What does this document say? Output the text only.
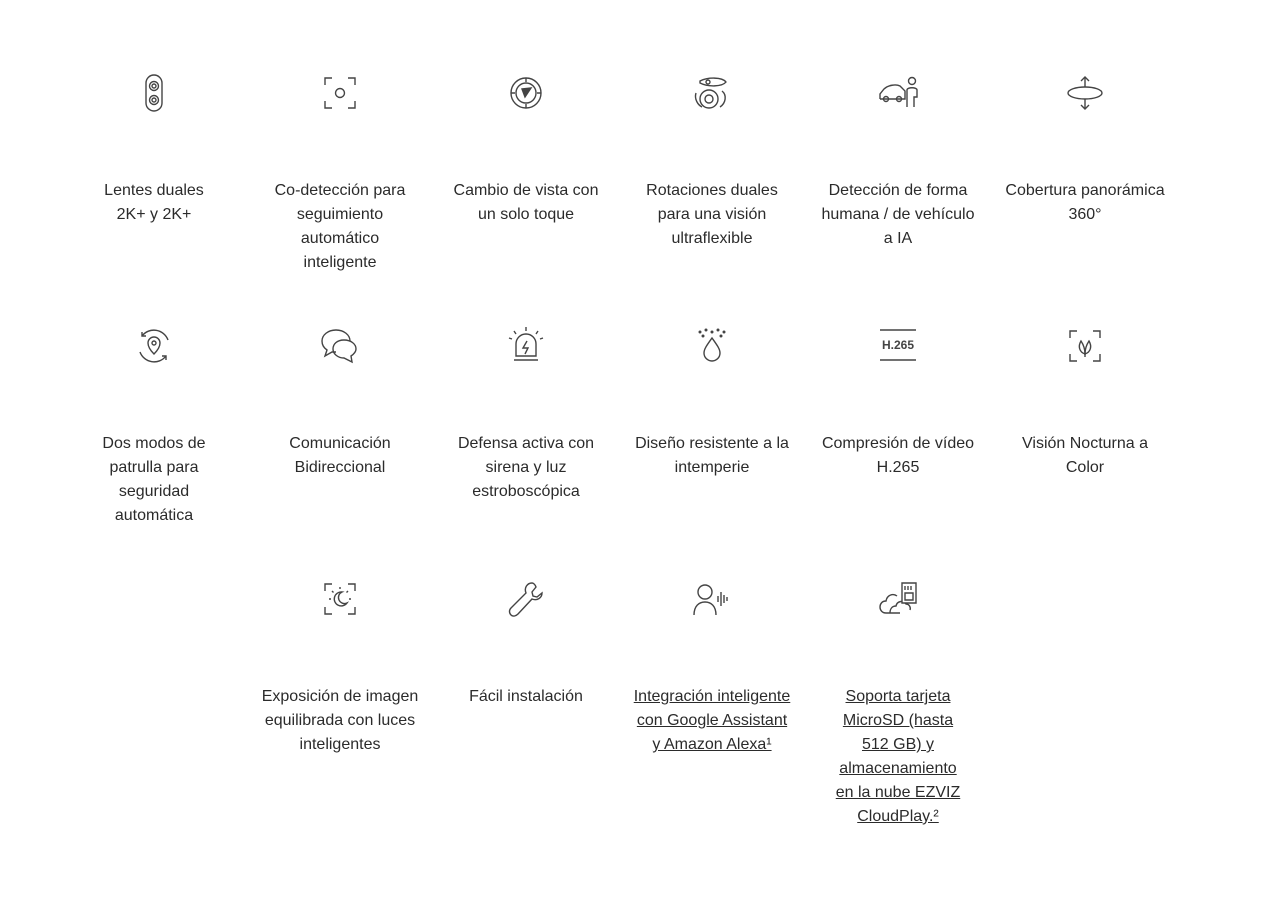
Lentes duales 2K+ y 2K+
Co-detección para seguimiento automático inteligente
Cambio de vista con un solo toque
Rotaciones duales para una visión ultraflexible
Detección de forma humana / de vehículo a IA
Cobertura panorámica 360°
Dos modos de patrulla para seguridad automática
Comunicación Bidireccional
Defensa activa con sirena y luz estroboscópica
Diseño resistente a la intemperie
H.265
Compresión de vídeo H.265
Visión Nocturna a Color
Exposición de imagen equilibrada con luces inteligentes
Fácil instalación	Integración inteligente con Google Assistant y Amazon Alexa¹
Soporta tarjeta MicroSD (hasta 512 GB) y almacenamiento en la nube EZVIZ CloudPlay.²
